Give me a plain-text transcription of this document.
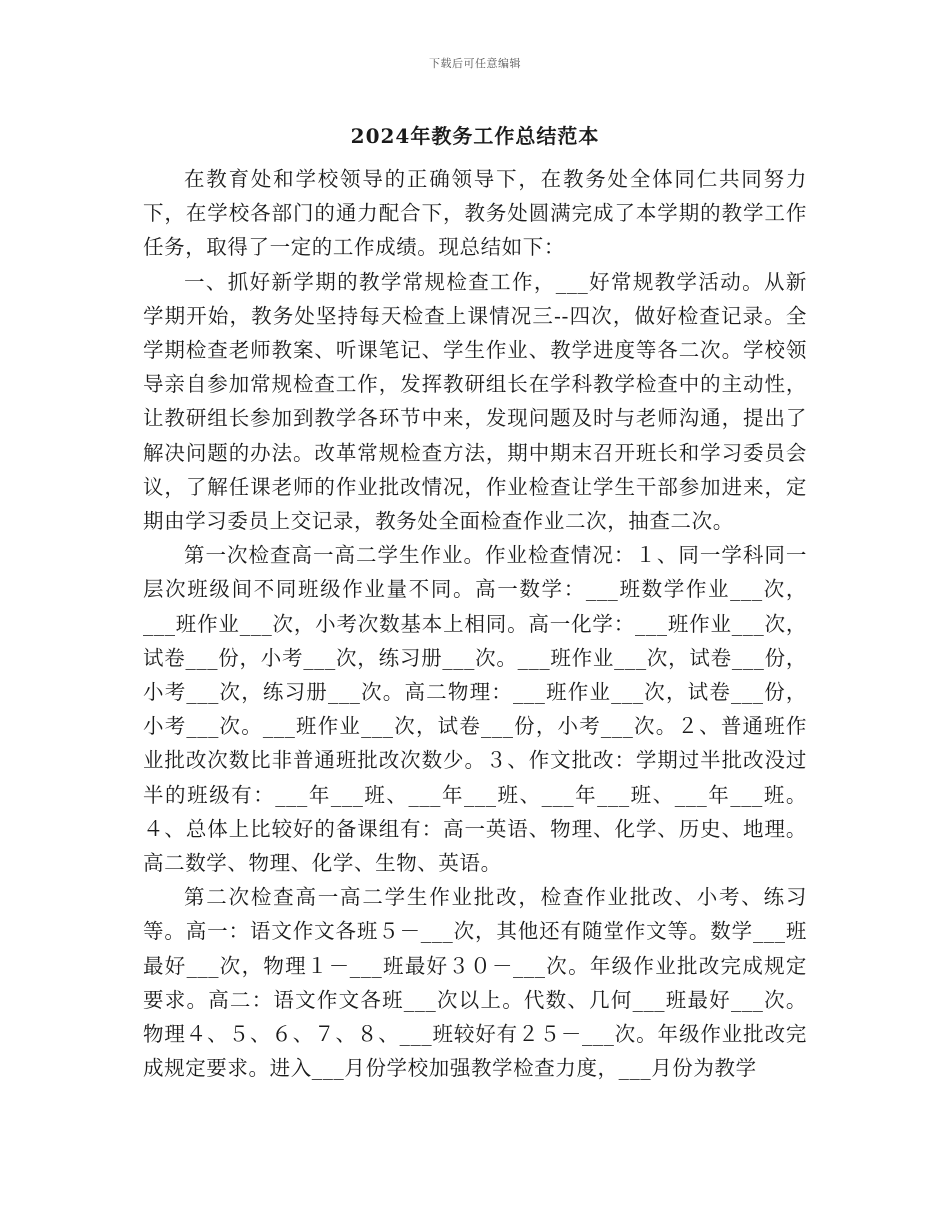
下载后可任意编辑
2024年教务工作总结范本

在教育处和学校领导的正确领导下，在教务处全体同仁共同努力下，在学校各部门的通力配合下，教务处圆满完成了本学期的教学工作任务，取得了一定的工作成绩。现总结如下：

一、抓好新学期的教学常规检查工作，___好常规教学活动。从新学期开始，教务处坚持每天检查上课情况三--四次，做好检查记录。全学期检查老师教案、听课笔记、学生作业、教学进度等各二次。学校领导亲自参加常规检查工作，发挥教研组长在学科教学检查中的主动性，让教研组长参加到教学各环节中来，发现问题及时与老师沟通，提出了解决问题的办法。改革常规检查方法，期中期末召开班长和学习委员会议，了解任课老师的作业批改情况，作业检查让学生干部参加进来，定期由学习委员上交记录，教务处全面检查作业二次，抽查二次。

第一次检查高一高二学生作业。作业检查情况：１、同一学科同一层次班级间不同班级作业量不同。高一数学：___班数学作业___次，___班作业___次，小考次数基本上相同。高一化学：___班作业___次，试卷___份，小考___次，练习册___次。___班作业___次，试卷___份，小考___次，练习册___次。高二物理：___班作业___次，试卷___份，小考___次。___班作业___次，试卷___份，小考___次。２、普通班作业批改次数比非普通班批改次数少。３、作文批改：学期过半批改没过半的班级有：___年___班、___年___班、___年___班、___年___班。４、总体上比较好的备课组有：高一英语、物理、化学、历史、地理。高二数学、物理、化学、生物、英语。

第二次检查高一高二学生作业批改，检查作业批改、小考、练习等。高一：语文作文各班５－___次，其他还有随堂作文等。数学___班最好___次，物理１－___班最好３０－___次。年级作业批改完成规定要求。高二：语文作文各班___次以上。代数、几何___班最好___次。物理４、５、６、７、８、___班较好有２５－___次。年级作业批改完成规定要求。进入___月份学校加强教学检查力度，___月份为教学
